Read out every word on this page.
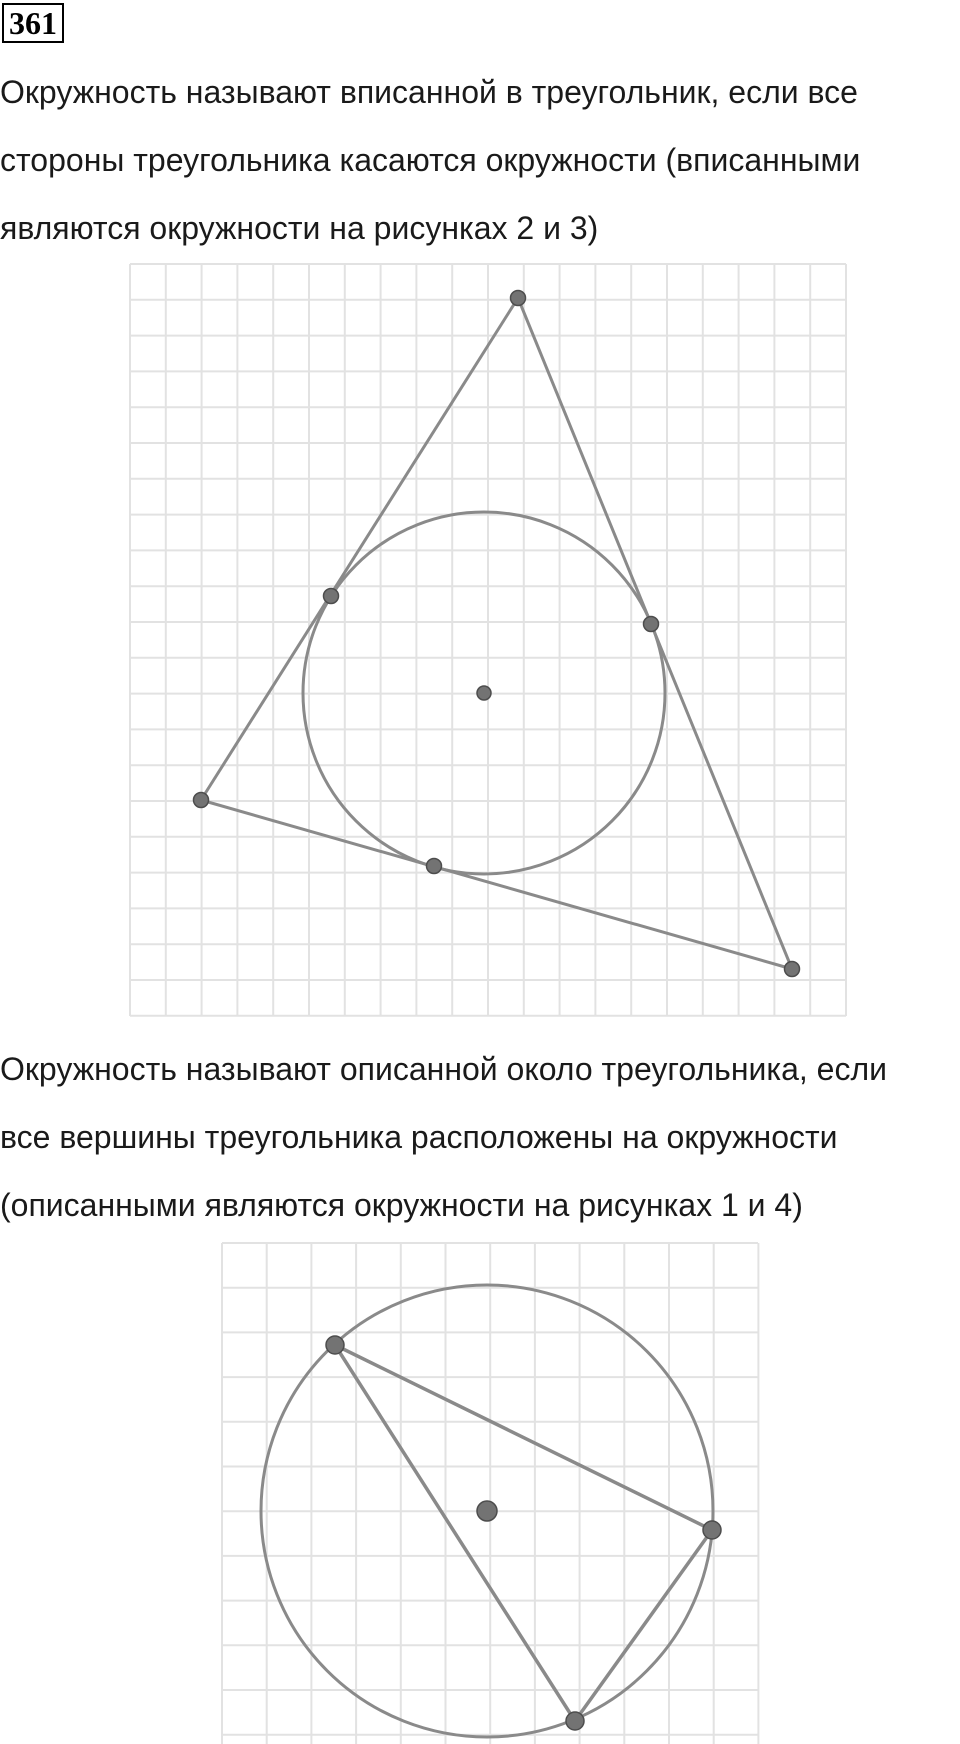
361

Окружность называют вписанной в треугольник, если все
стороны треугольника касаются окружности (вписанными
являются окружности на рисунках 2 и 3)

Окружность называют описанной около треугольника, если
все вершины треугольника расположены на окружности
(описанными являются окружности на рисунках 1 и 4)
